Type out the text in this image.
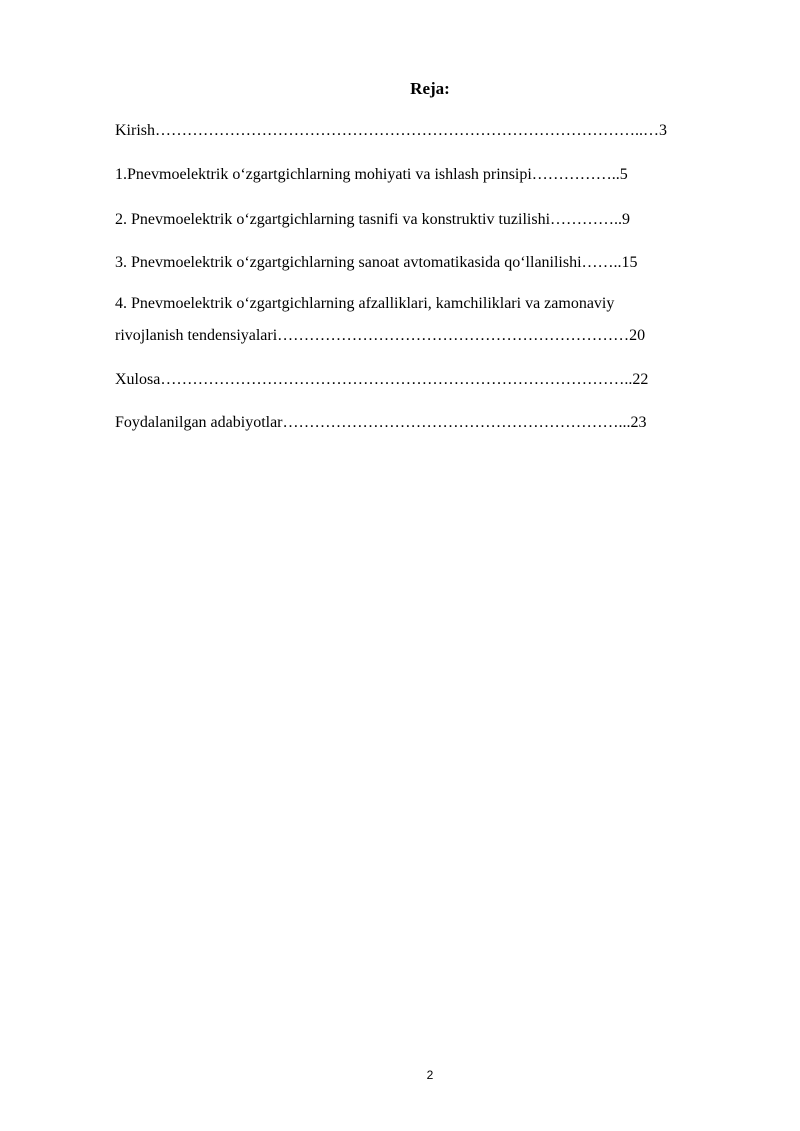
Reja:
Kirish………………………………………………………………………………..…3
1.Pnevmoelektrik o‘zgartgichlarning mohiyati va ishlash prinsipi……………..5
2. Pnevmoelektrik o‘zgartgichlarning tasnifi va konstruktiv tuzilishi…………..9
3. Pnevmoelektrik o‘zgartgichlarning sanoat avtomatikasida qo‘llanilishi……..15
4. Pnevmoelektrik o‘zgartgichlarning afzalliklari, kamchiliklari va zamonaviy
rivojlanish tendensiyalari…………………………………………………………20
Xulosa……………………………………………………………………………..22
Foydalanilgan adabiyotlar………………………………………………………...23
2
